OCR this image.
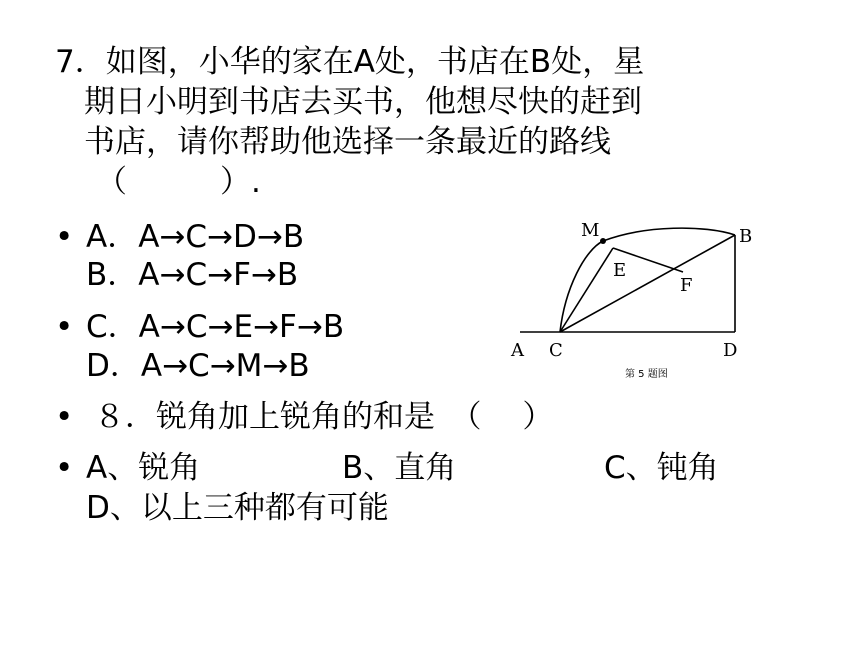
7．如图，小华的家在A处，书店在B处，星
期日小明到书店去买书，他想尽快的赶到
书店，请你帮助他选择一条最近的路线
（　　　）.
• A．A→C→D→B
B．A→C→F→B
• C．A→C→E→F→B
D．A→C→M→B	A C	D
B
M
E
F
第 5 题图
• ８．锐角加上锐角的和是　（　 ）
• A、锐角	B、直角	C、钝角
D、以上三种都有可能
